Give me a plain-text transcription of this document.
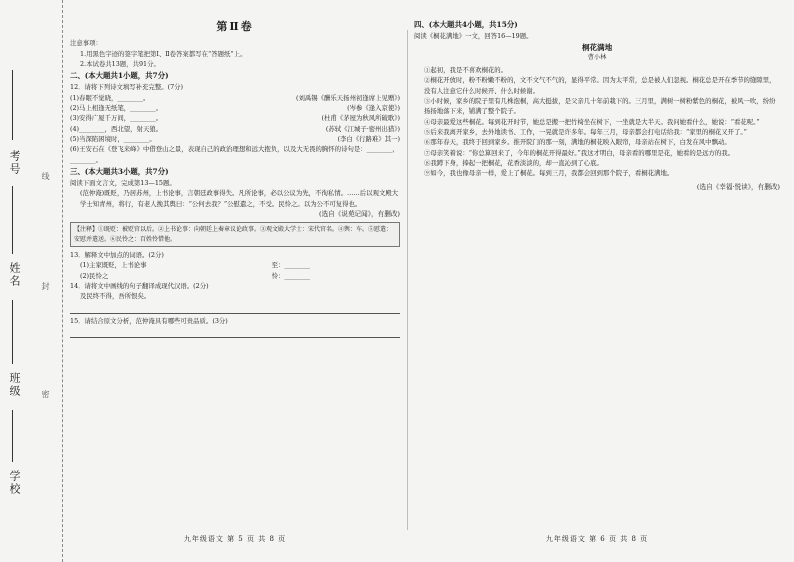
考号
姓名
班级
学校
线
封
密
第Ⅱ卷

注意事项：

1.用黑色字迹的签字笔把第Ⅰ、Ⅱ卷答案都写在“答题纸”上。

2.本试卷共13题，共91分。

二、(本大题共1小题，共7分)

12．请将下列诗文填写补充完整。(7分)

(1)春眠不觉晓，________。	(刘禹锡《酬乐天扬州初逢席上见赠》)
(2)马上相逢无纸笔，________。	(岑参《逢入京使》)
(3)安得广厦千万间，________。	(杜甫《茅屋为秋风所破歌》)
(4)________，西北望，射天狼。	(苏轼《江城子·密州出猎》)
(5)当深陷困境时，________。	(李白《行路难》其一)

(6)王安石在《登飞来峰》中借登山之景，表现自己的政治理想和远大抱负，以及大无畏的胸怀的诗句是：________，________。

三、(本大题共3小题，共7分)

阅读下面文言文，完成第13—15题。

(范仲淹)既贬，乃居苏州，上书论事，言朝廷政事得失。凡所论事，必以公议为先，不徇私情。……后以观文殿大学士知青州，将行，有老人挽其舆曰：“公何去我？”公慰遣之，不受。民怜之。以为公不可复得也。

(选自《说苑记闻》，有删改)

【注释】①既贬：被贬官以后。②上书论事：向朝廷上奏章议论政事。③观文殿大学士：宋代官名。④舆：车。⑤慰遣：安慰并遣送。⑥民怜之：百姓怜惜他。

13．解释文中加点的词语。(2分)

(1)主家既贬，上书论事	至：________
(2)民怜之	怜：________

14．请将文中画线的句子翻译成现代汉语。(2分)

及民终不得，吾所恨矣。

15．请结合原文分析，范仲淹具有哪些可贵品质。(3分)

九年级语文 第 5 页 共 8 页

四、(本大题共4小题，共15分)

阅读《桐花满地》一文，回答16—19题。

桐花满地

曹小林

①起初，我是不喜欢桐花的。

②桐花开放时，粉不粉嫩不粉的，文不文气不气的，显得平常。因为太平常，总是被人们忽视。桐花总是开在季节的缝隙里，没有人注意它什么时候开、什么时候谢。

③小时候，家乡的院子里有几株泡桐，高大挺拔，是父亲几十年前栽下的。三月里，满树一树粉紫色的桐花，被风一吹，纷纷扬扬地落下来，铺满了整个院子。

④母亲最爱这些桐花。每到花开时节，她总是搬一把竹椅坐在树下，一坐就是大半天。我问她看什么，她说：“看花呢。”

⑤后来我离开家乡，去外地读书、工作，一晃就是许多年。每年三月，母亲都会打电话给我：“家里的桐花又开了。”

⑥那年春天，我终于回到家乡。推开院门的那一刻，满地的桐花映入眼帘，母亲站在树下，白发在风中飘动。

⑦母亲笑着说：“你总算回来了，今年的桐花开得最好。”我这才明白，母亲看的哪里是花，她看的是远方的我。

⑧我蹲下身，捧起一把桐花，花香淡淡的，却一直沁到了心底。

⑨如今，我也像母亲一样，爱上了桐花。每到三月，我都会回到那个院子，看桐花满地。

(选自《幸福·悦读》，有删改)

九年级语文 第 6 页 共 8 页
